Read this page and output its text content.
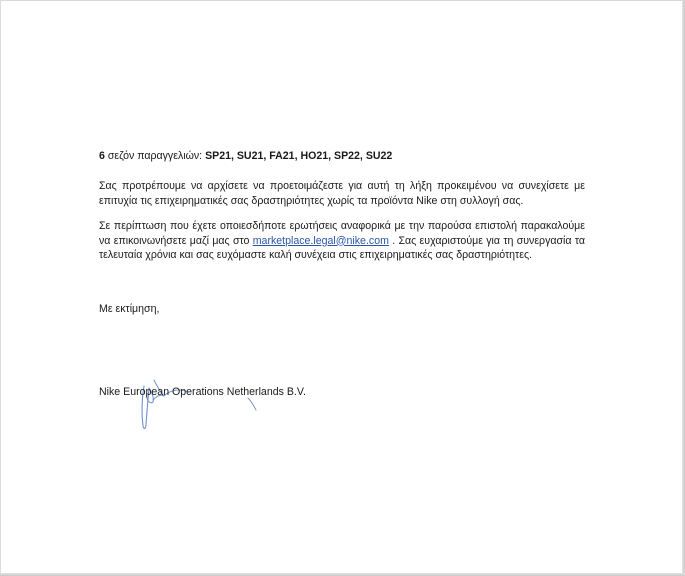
6 σεζόν παραγγελιών: SP21, SU21, FA21, HO21, SP22, SU22
Σας προτρέπουμε να αρχίσετε να προετοιμάζεστε για αυτή τη λήξη προκειμένου να συνεχίσετε με επιτυχία τις επιχειρηματικές σας δραστηριότητες χωρίς τα προϊόντα Nike στη συλλογή σας.
Σε περίπτωση που έχετε οποιεσδήποτε ερωτήσεις αναφορικά με την παρούσα επιστολή παρακαλούμε να επικοινωνήσετε μαζί μας στο marketplace.legal@nike.com . Σας ευχαριστούμε για τη συνεργασία τα τελευταία χρόνια και σας ευχόμαστε καλή συνέχεια στις επιχειρηματικές σας δραστηριότητες.
Με εκτίμηση,
Nike European Operations Netherlands B.V.
